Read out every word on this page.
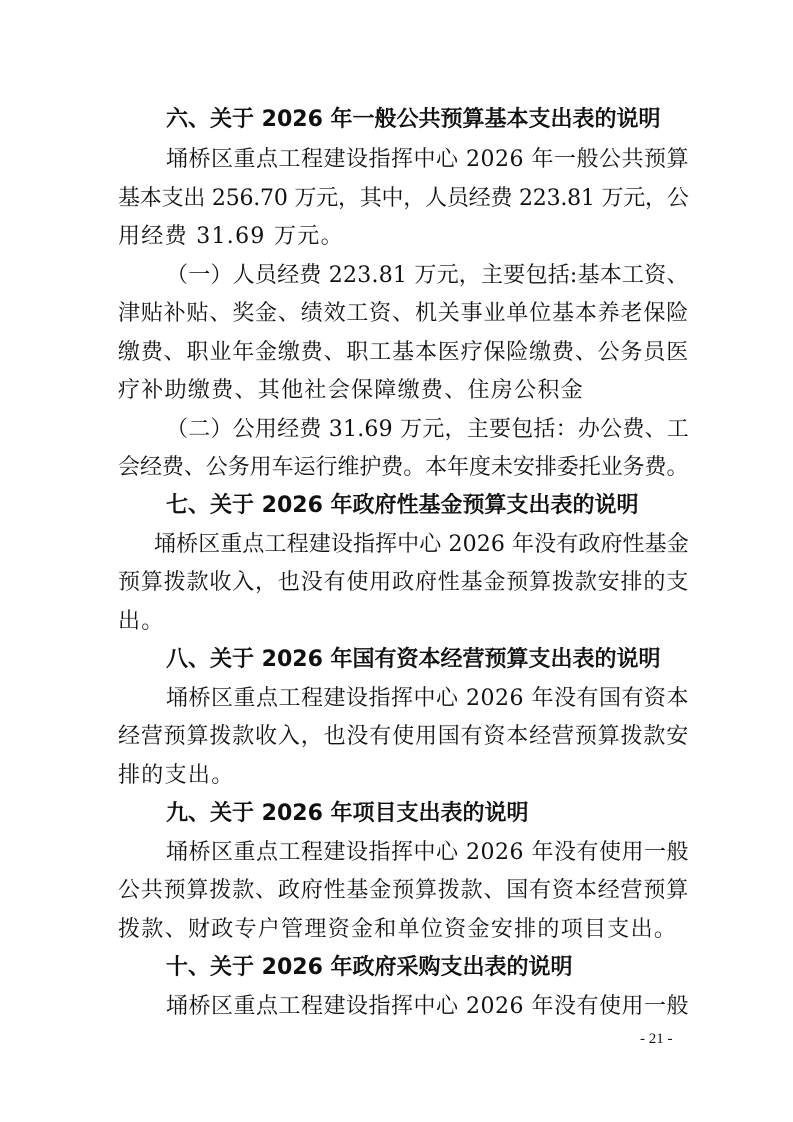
六、关于 2026 年一般公共预算基本支出表的说明
埇桥区重点工程建设指挥中心 2026 年一般公共预算
基本支出 256.70 万元，其中，人员经费 223.81 万元，公
用经费 31.69 万元。
（一）人员经费 223.81 万元，主要包括:基本工资、
津贴补贴、奖金、绩效工资、机关事业单位基本养老保险
缴费、职业年金缴费、职工基本医疗保险缴费、公务员医
疗补助缴费、其他社会保障缴费、住房公积金
（二）公用经费 31.69 万元，主要包括：办公费、工
会经费、公务用车运行维护费。本年度未安排委托业务费。
七、关于 2026 年政府性基金预算支出表的说明
埇桥区重点工程建设指挥中心 2026 年没有政府性基金
预算拨款收入，也没有使用政府性基金预算拨款安排的支
出。
八、关于 2026 年国有资本经营预算支出表的说明
埇桥区重点工程建设指挥中心 2026 年没有国有资本
经营预算拨款收入，也没有使用国有资本经营预算拨款安
排的支出。
九、关于 2026 年项目支出表的说明
埇桥区重点工程建设指挥中心 2026 年没有使用一般
公共预算拨款、政府性基金预算拨款、国有资本经营预算
拨款、财政专户管理资金和单位资金安排的项目支出。
十、关于 2026 年政府采购支出表的说明
埇桥区重点工程建设指挥中心 2026 年没有使用一般
- 21 -
